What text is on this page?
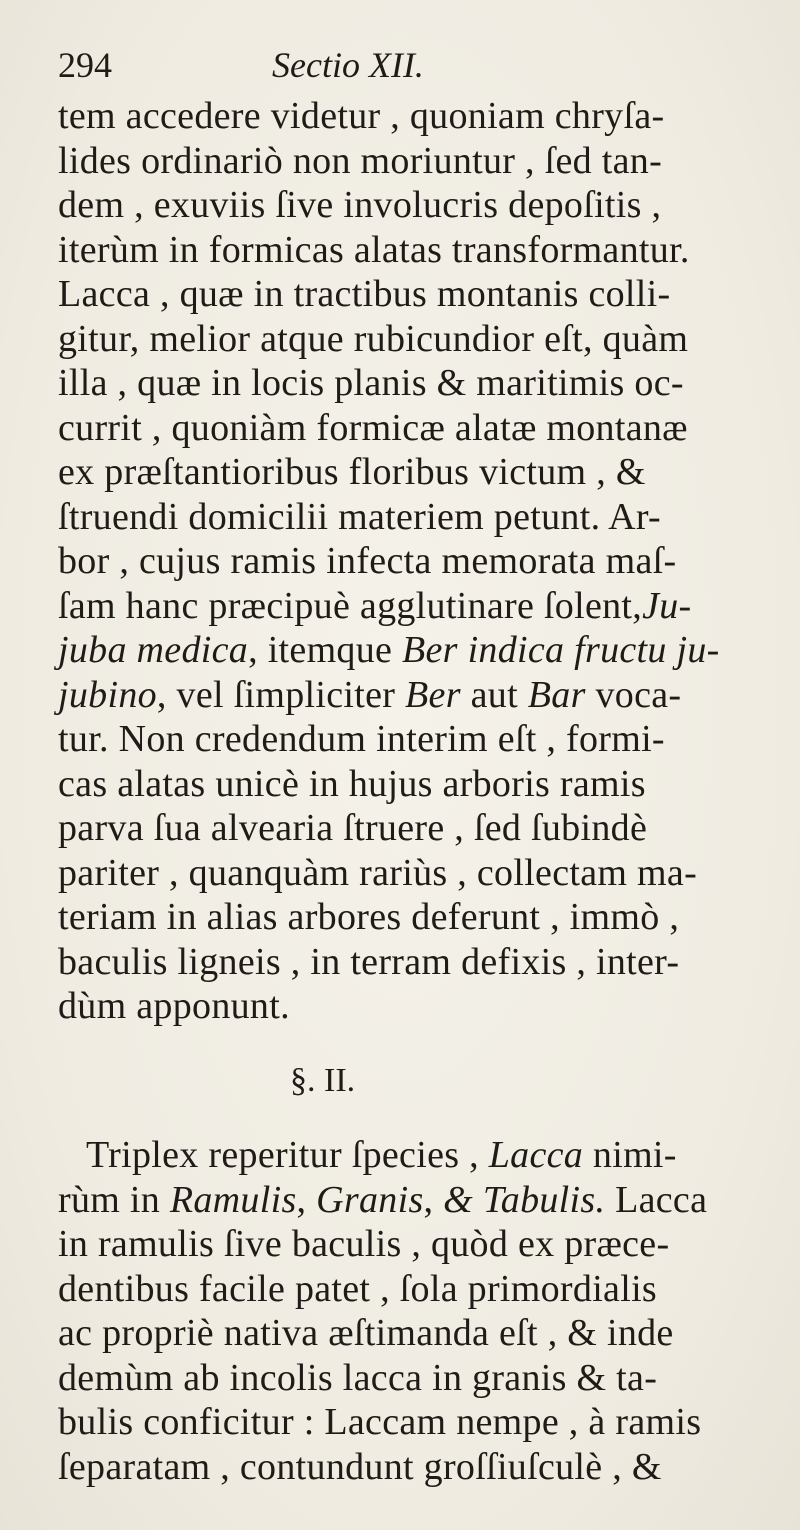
294	Sectio XII.
tem accedere videtur , quoniam chryſa-
lides ordinariò non moriuntur , ſed tan-
dem , exuviis ſive involucris depoſitis ,
iterùm in formicas alatas transformantur.
Lacca , quæ in tractibus montanis colli-
gitur, melior atque rubicundior eſt, quàm
illa , quæ in locis planis & maritimis oc-
currit , quoniàm formicæ alatæ montanæ
ex præſtantioribus floribus victum , &
ſtruendi domicilii materiem petunt. Ar-
bor , cujus ramis infecta memorata maſ-
ſam hanc præcipuè agglutinare ſolent,Ju-
juba medica, itemque Ber indica fructu ju-
jubino, vel ſimpliciter Ber aut Bar voca-
tur. Non credendum interim eſt , formi-
cas alatas unicè in hujus arboris ramis
parva ſua alvearia ſtruere , ſed ſubindè
pariter , quanquàm rariùs , collectam ma-
teriam in alias arbores deferunt , immò ,
baculis ligneis , in terram defixis , inter-
dùm apponunt.
§. II.
Triplex reperitur ſpecies , Lacca nimi-
rùm in Ramulis, Granis, & Tabulis. Lacca
in ramulis ſive baculis , quòd ex præce-
dentibus facile patet , ſola primordialis
ac propriè nativa æſtimanda eſt , & inde
demùm ab incolis lacca in granis & ta-
bulis conficitur : Laccam nempe , à ramis
ſeparatam , contundunt groſſiuſculè , &
